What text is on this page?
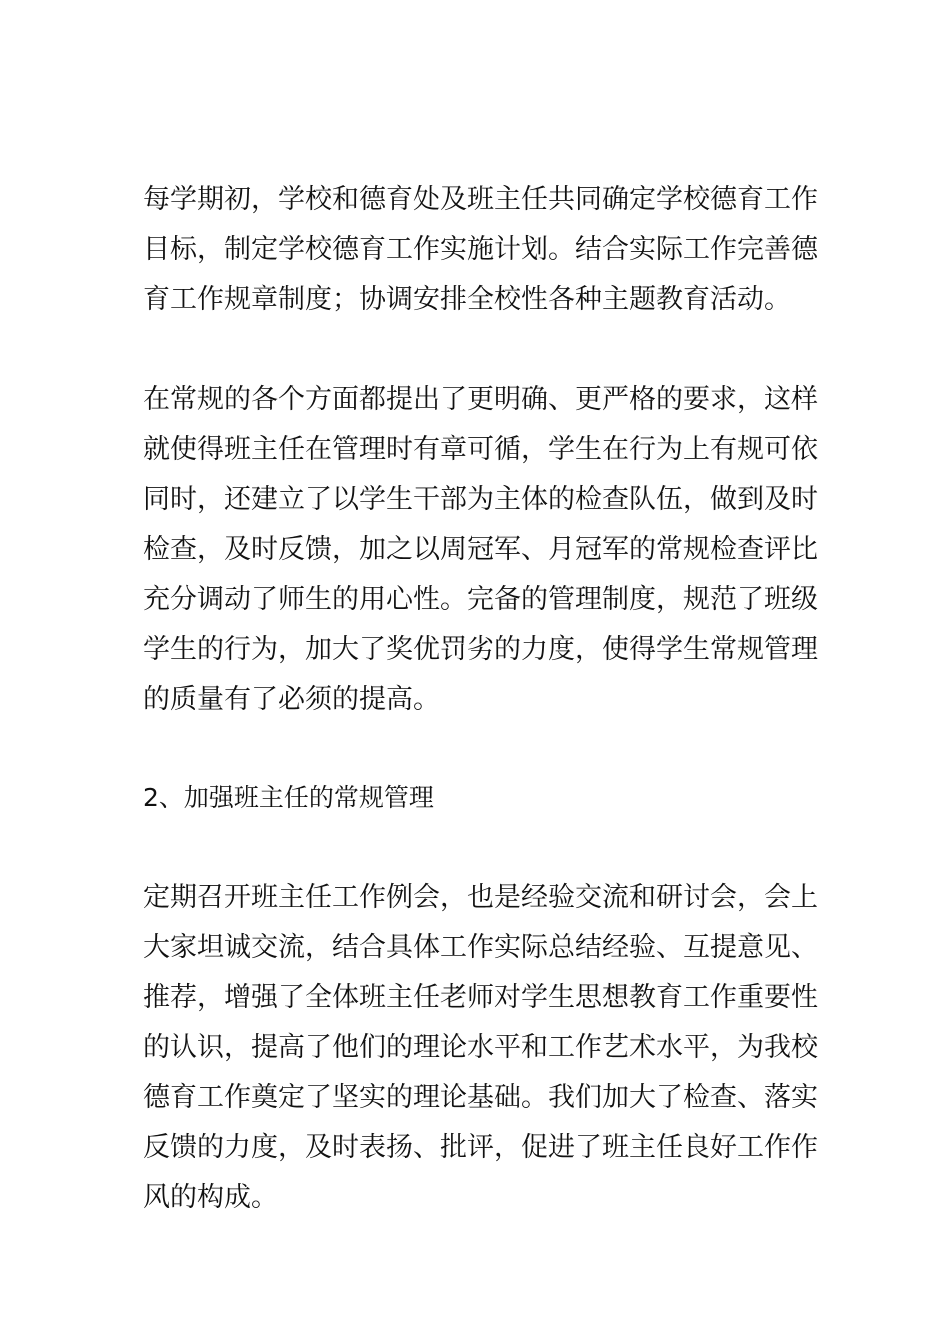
每学期初，学校和德育处及班主任共同确定学校德育工作
目标，制定学校德育工作实施计划。结合实际工作完善德
育工作规章制度；协调安排全校性各种主题教育活动。

在常规的各个方面都提出了更明确、更严格的要求，这样
就使得班主任在管理时有章可循，学生在行为上有规可依
同时，还建立了以学生干部为主体的检查队伍，做到及时
检查，及时反馈，加之以周冠军、月冠军的常规检查评比
充分调动了师生的用心性。完备的管理制度，规范了班级
学生的行为，加大了奖优罚劣的力度，使得学生常规管理
的质量有了必须的提高。

2、加强班主任的常规管理

定期召开班主任工作例会，也是经验交流和研讨会，会上
大家坦诚交流，结合具体工作实际总结经验、互提意见、
推荐，增强了全体班主任老师对学生思想教育工作重要性
的认识，提高了他们的理论水平和工作艺术水平，为我校
德育工作奠定了坚实的理论基础。我们加大了检查、落实
反馈的力度，及时表扬、批评，促进了班主任良好工作作
风的构成。
